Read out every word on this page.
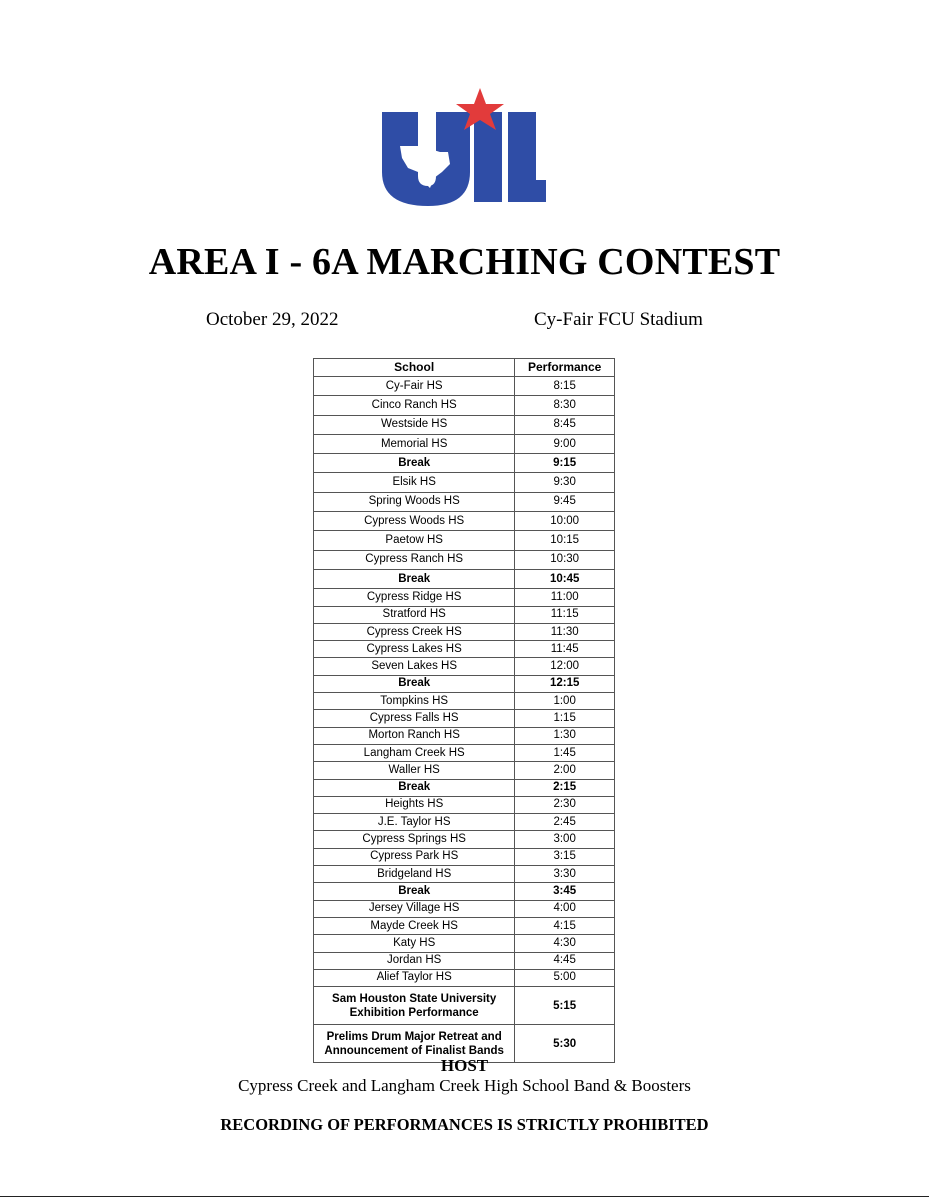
AREA I - 6A MARCHING CONTEST
October 29, 2022	Cy-Fair FCU Stadium
School	Performance
Cy-Fair HS	8:15
Cinco Ranch HS	8:30
Westside HS	8:45
Memorial HS	9:00
Break	9:15
Elsik HS	9:30
Spring Woods HS	9:45
Cypress Woods HS	10:00
Paetow HS	10:15
Cypress Ranch HS	10:30
Break	10:45
Cypress Ridge HS	11:00
Stratford HS	11:15
Cypress Creek HS	11:30
Cypress Lakes HS	11:45
Seven Lakes HS	12:00
Break	12:15
Tompkins HS	1:00
Cypress Falls HS	1:15
Morton Ranch HS	1:30
Langham Creek HS	1:45
Waller HS	2:00
Break	2:15
Heights HS	2:30
J.E. Taylor HS	2:45
Cypress Springs HS	3:00
Cypress Park HS	3:15
Bridgeland HS	3:30
Break	3:45
Jersey Village HS	4:00
Mayde Creek HS	4:15
Katy HS	4:30
Jordan HS	4:45
Alief Taylor HS	5:00
Sam Houston State University Exhibition Performance	5:15
Prelims Drum Major Retreat and Announcement of Finalist Bands	5:30
HOST
Cypress Creek and Langham Creek High School Band & Boosters
RECORDING OF PERFORMANCES IS STRICTLY PROHIBITED
